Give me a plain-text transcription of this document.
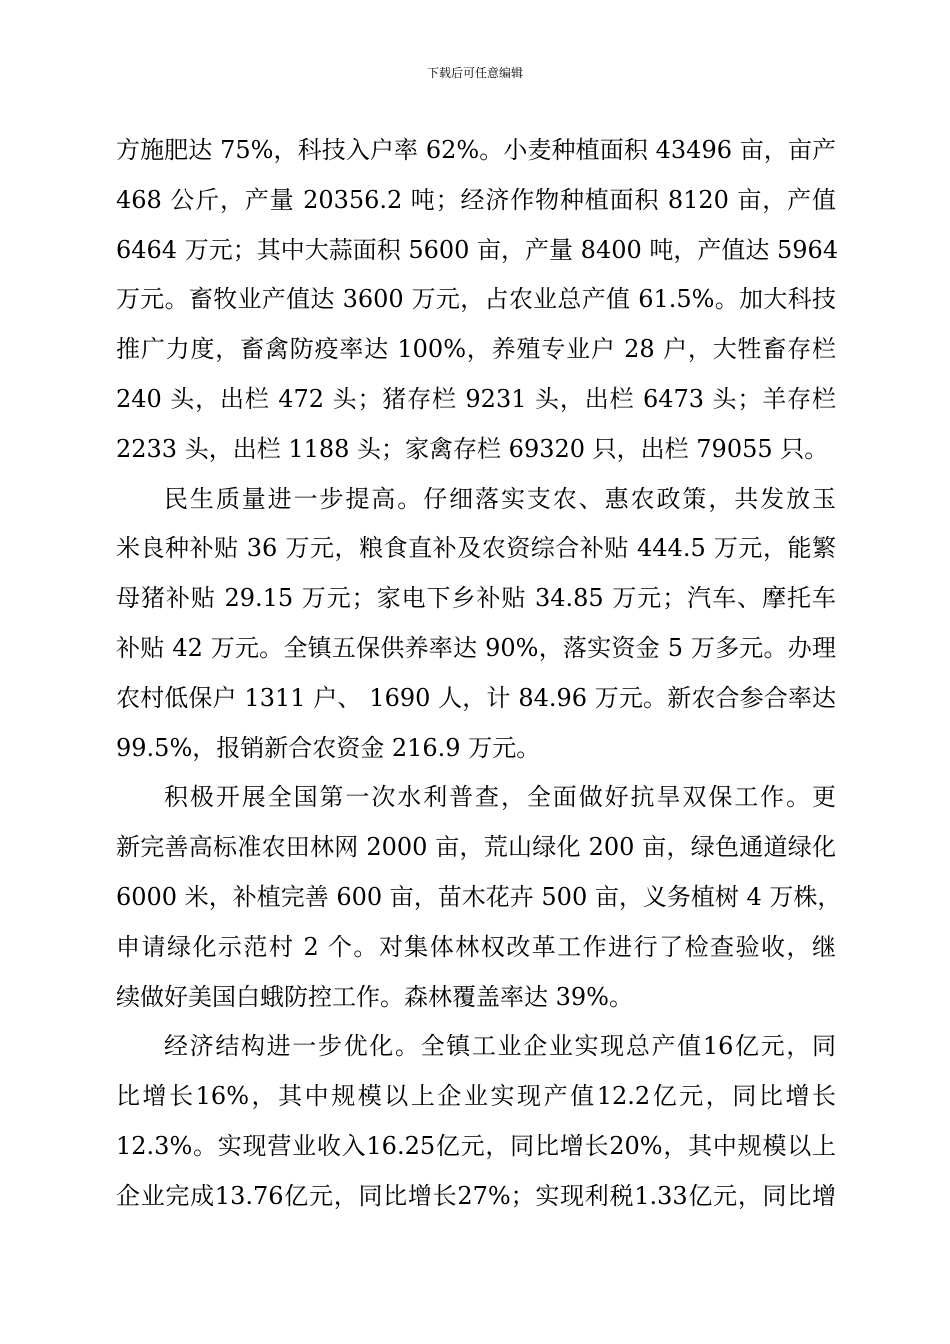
下载后可任意编辑
方施肥达 75%，科技入户率 62%。小麦种植面积 43496 亩，亩产
468 公斤，产量 20356.2 吨；经济作物种植面积 8120 亩，产值
6464 万元；其中大蒜面积 5600 亩，产量 8400 吨，产值达 5964
万元。畜牧业产值达 3600 万元，占农业总产值 61.5%。加大科技
推广力度，畜禽防疫率达 100%，养殖专业户 28 户，大牲畜存栏
240 头，出栏 472 头；猪存栏 9231 头，出栏 6473 头；羊存栏
2233 头，出栏 1188 头；家禽存栏 69320 只，出栏 79055 只。
民生质量进一步提高。仔细落实支农、惠农政策，共发放玉
米良种补贴 36 万元，粮食直补及农资综合补贴 444.5 万元，能繁
母猪补贴 29.15 万元；家电下乡补贴 34.85 万元；汽车、摩托车
补贴 42 万元。全镇五保供养率达 90%，落实资金 5 万多元。办理
农村低保户 1311 户、 1690 人，计 84.96 万元。新农合参合率达
99.5%，报销新合农资金 216.9 万元。
积极开展全国第一次水利普查，全面做好抗旱双保工作。更
新完善高标准农田林网 2000 亩，荒山绿化 200 亩，绿色通道绿化
6000 米，补植完善 600 亩，苗木花卉 500 亩，义务植树 4 万株，
申请绿化示范村 2 个。对集体林权改革工作进行了检查验收，继
续做好美国白蛾防控工作。森林覆盖率达 39%。
经济结构进一步优化。全镇工业企业实现总产值16亿元，同
比增长16%，其中规模以上企业实现产值12.2亿元，同比增长
12.3%。实现营业收入16.25亿元，同比增长20%，其中规模以上
企业完成13.76亿元，同比增长27%；实现利税1.33亿元，同比增
